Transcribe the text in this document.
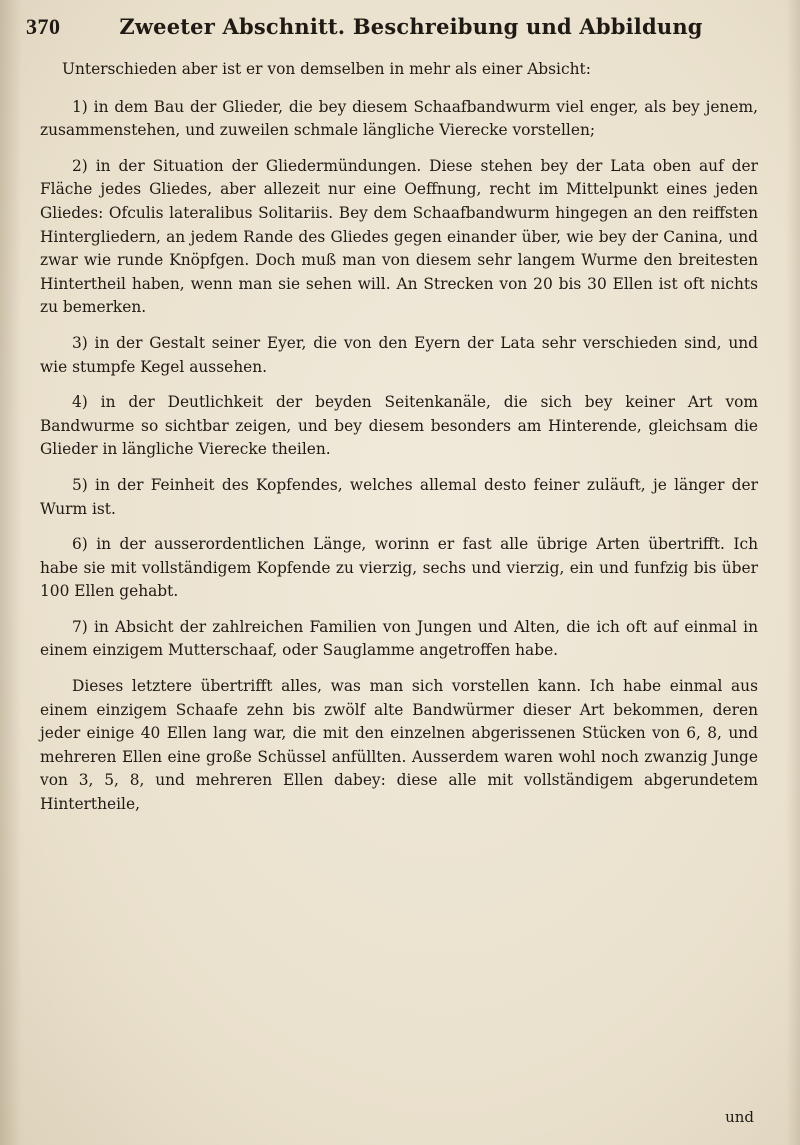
370	Zweeter Abschnitt. Beschreibung und Abbildung

Unterschieden aber ist er von demselben in mehr als einer Absicht:

1) in dem Bau der Glieder, die bey diesem Schaafbandwurm viel enger, als bey jenem, zusammenstehen, und zuweilen schmale längliche Vierecke vorstellen;

2) in der Situation der Gliedermündungen. Diese stehen bey der Lata oben auf der Fläche jedes Gliedes, aber allezeit nur eine Oeffnung, recht im Mittelpunkt eines jeden Gliedes: Ofculis lateralibus Solitariis. Bey dem Schaafbandwurm hingegen an den reiffsten Hintergliedern, an jedem Rande des Gliedes gegen einander über, wie bey der Canina, und zwar wie runde Knöpfgen. Doch muß man von diesem sehr langem Wurme den breitesten Hintertheil haben, wenn man sie sehen will. An Strecken von 20 bis 30 Ellen ist oft nichts zu bemerken.

3) in der Gestalt seiner Eyer, die von den Eyern der Lata sehr verschieden sind, und wie stumpfe Kegel aussehen.

4) in der Deutlichkeit der beyden Seitenkanäle, die sich bey keiner Art vom Bandwurme so sichtbar zeigen, und bey diesem besonders am Hinterende, gleichsam die Glieder in längliche Vierecke theilen.

5) in der Feinheit des Kopfendes, welches allemal desto feiner zuläuft, je länger der Wurm ist.

6) in der ausserordentlichen Länge, worinn er fast alle übrige Arten übertrifft. Ich habe sie mit vollständigem Kopfende zu vierzig, sechs und vierzig, ein und funfzig bis über 100 Ellen gehabt.

7) in Absicht der zahlreichen Familien von Jungen und Alten, die ich oft auf einmal in einem einzigem Mutterschaaf, oder Sauglamme angetroffen habe.

Dieses letztere übertrifft alles, was man sich vorstellen kann. Ich habe einmal aus einem einzigem Schaafe zehn bis zwölf alte Bandwürmer dieser Art bekommen, deren jeder einige 40 Ellen lang war, die mit den einzelnen abgerissenen Stücken von 6, 8, und mehreren Ellen eine große Schüssel anfüllten. Ausserdem waren wohl noch zwanzig Junge von 3, 5, 8, und mehreren Ellen dabey: diese alle mit vollständigem abgerundetem Hintertheile,

und
